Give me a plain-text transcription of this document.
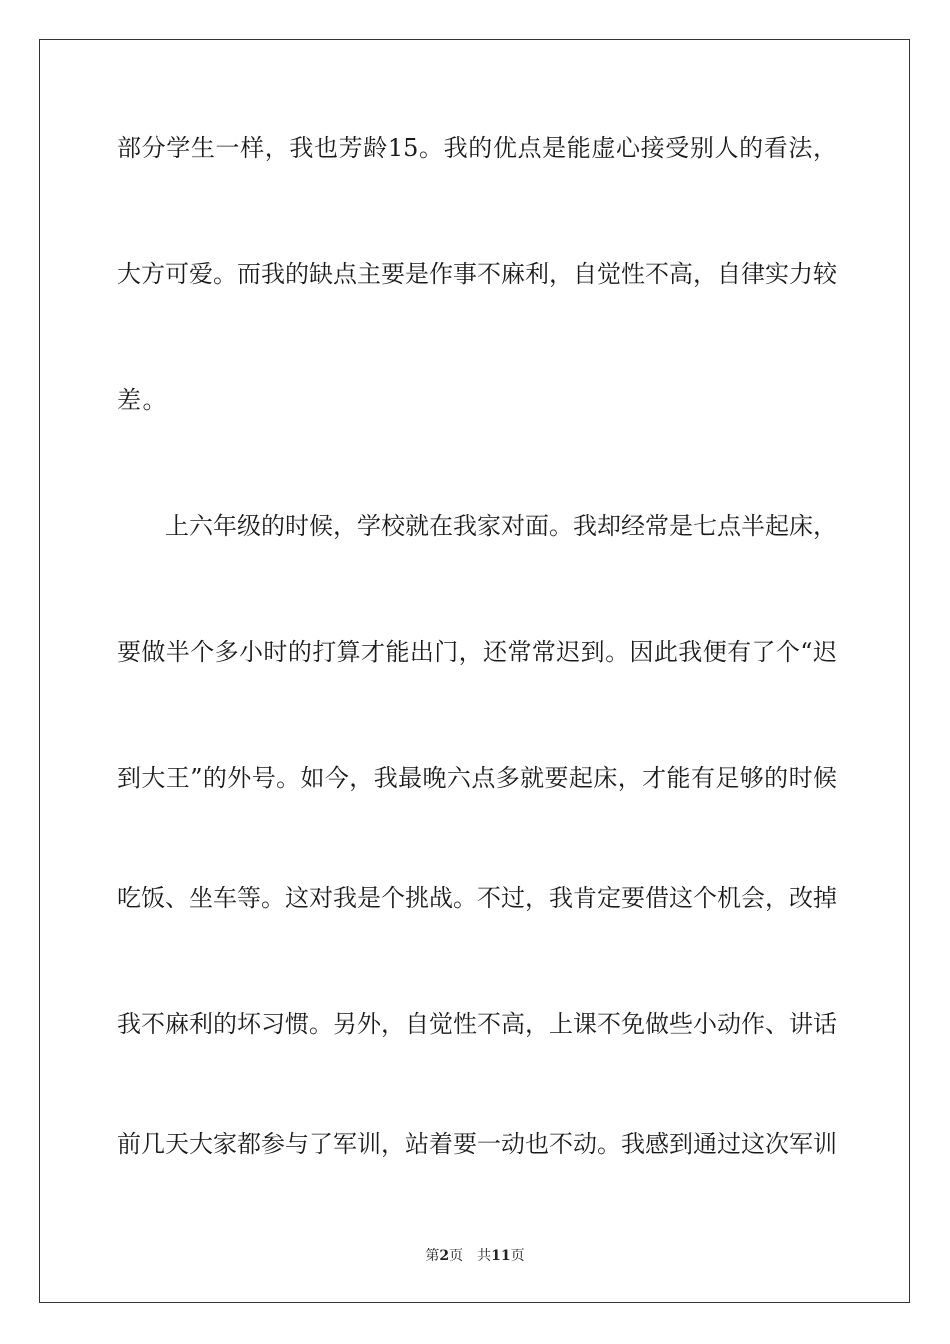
部分学生一样，我也芳龄15。我的优点是能虚心接受别人的看法，
大方可爱。而我的缺点主要是作事不麻利，自觉性不高，自律实力较
差。
上六年级的时候，学校就在我家对面。我却经常是七点半起床，
要做半个多小时的打算才能出门，还常常迟到。因此我便有了个“迟
到大王”的外号。如今，我最晚六点多就要起床，才能有足够的时候
吃饭、坐车等。这对我是个挑战。不过，我肯定要借这个机会，改掉
我不麻利的坏习惯。另外，自觉性不高，上课不免做些小动作、讲话
前几天大家都参与了军训，站着要一动也不动。我感到通过这次军训
第2页 共11页
